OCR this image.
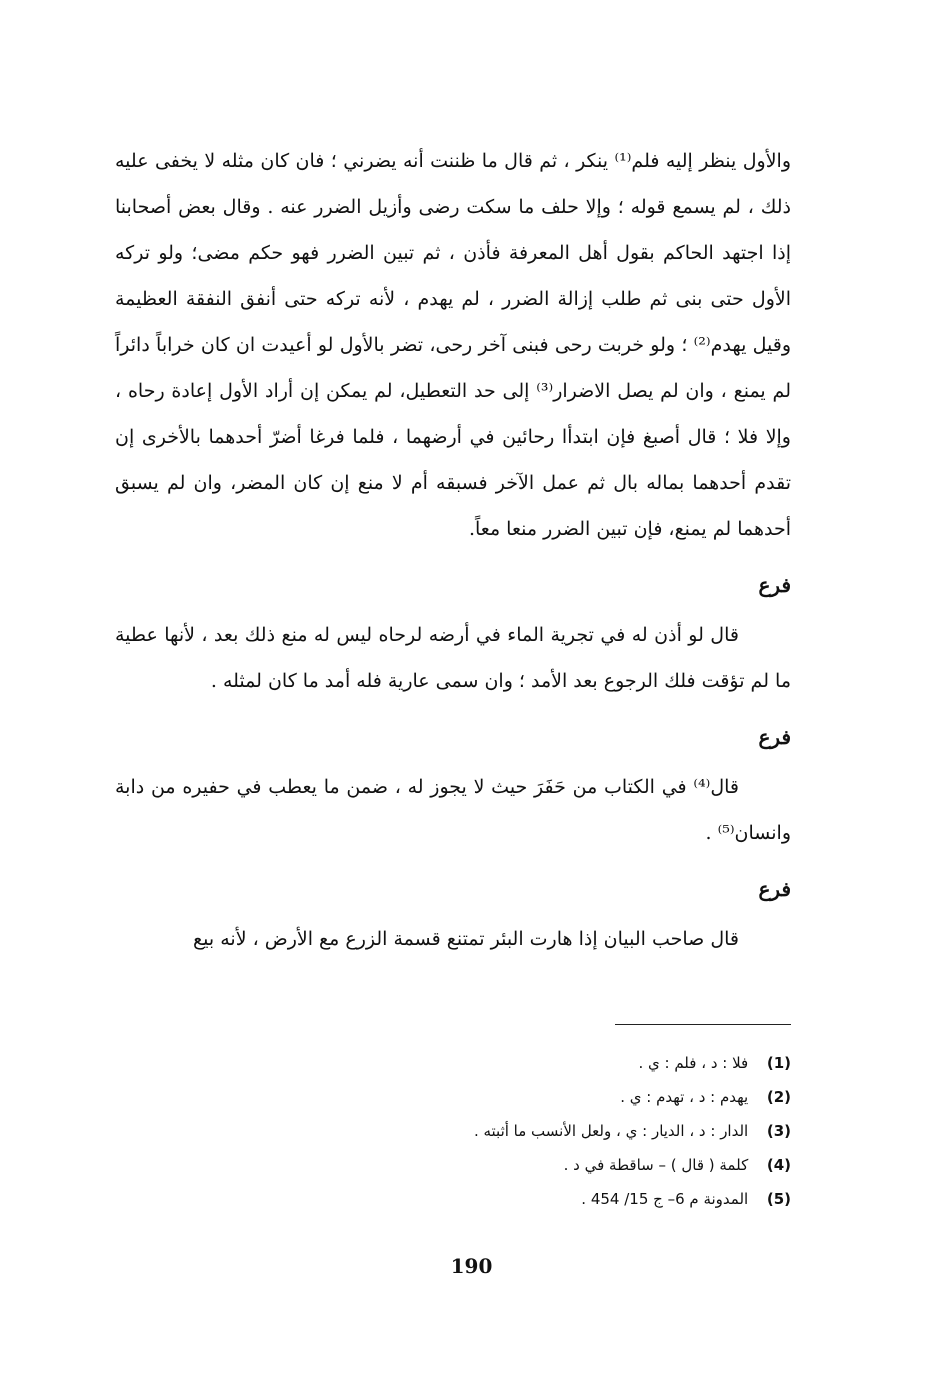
والأول ينظر إليه فلم⁽¹⁾ ينكر ، ثم قال ما ظننت أنه يضرني ؛ فان كان مثله لا يخفى عليه ذلك ، لم يسمع قوله ؛ وإلا حلف ما سكت رضى وأزيل الضرر عنه . وقال بعض أصحابنا إذا اجتهد الحاكم بقول أهل المعرفة فأذن ، ثم تبين الضرر فهو حكم مضى؛ ولو تركه الأول حتى بنى ثم طلب إزالة الضرر ، لم يهدم ، لأنه تركه حتى أنفق النفقة العظيمة وقيل يهدم⁽²⁾ ؛ ولو خربت رحى فبنى آخر رحى، تضر بالأول لو أعيدت ان كان خراباً دائراً لم يمنع ، وان لم يصل الاضرار⁽³⁾ إلى حد التعطيل، لم يمكن إن أراد الأول إعادة رحاه ، وإلا فلا ؛ قال أصبغ فإن ابتدأا رحائين في أرضهما ، فلما فرغا أضرّ أحدهما بالأخرى إن تقدم أحدهما بماله بال ثم عمل الآخر فسبقه أم لا منع إن كان المضر، وان لم يسبق أحدهما لم يمنع، فإن تبين الضرر منعا معاً.

فرع

قال لو أذن له في تجرية الماء في أرضه لرحاه ليس له منع ذلك بعد ، لأنها عطية ما لم تؤقت فلك الرجوع بعد الأمد ؛ وان سمى عارية فله أمد ما كان لمثله .

فرع

قال⁽⁴⁾ في الكتاب من حَفَرَ حيث لا يجوز له ، ضمن ما يعطب في حفيره من دابة وانسان⁽⁵⁾ .

فرع

قال صاحب البيان إذا هارت البئر تمتنع قسمة الزرع مع الأرض ، لأنه بيع

(1) فلا : د ، فلم : ي .
(2) يهدم : د ، تهدم : ي .
(3) الدار : د ، الديار : ي ، ولعل الأنسب ما أثبته .
(4) كلمة ( قال ) – ساقطة في د .
(5) المدونة م 6– ج 15/ 454 .
190
